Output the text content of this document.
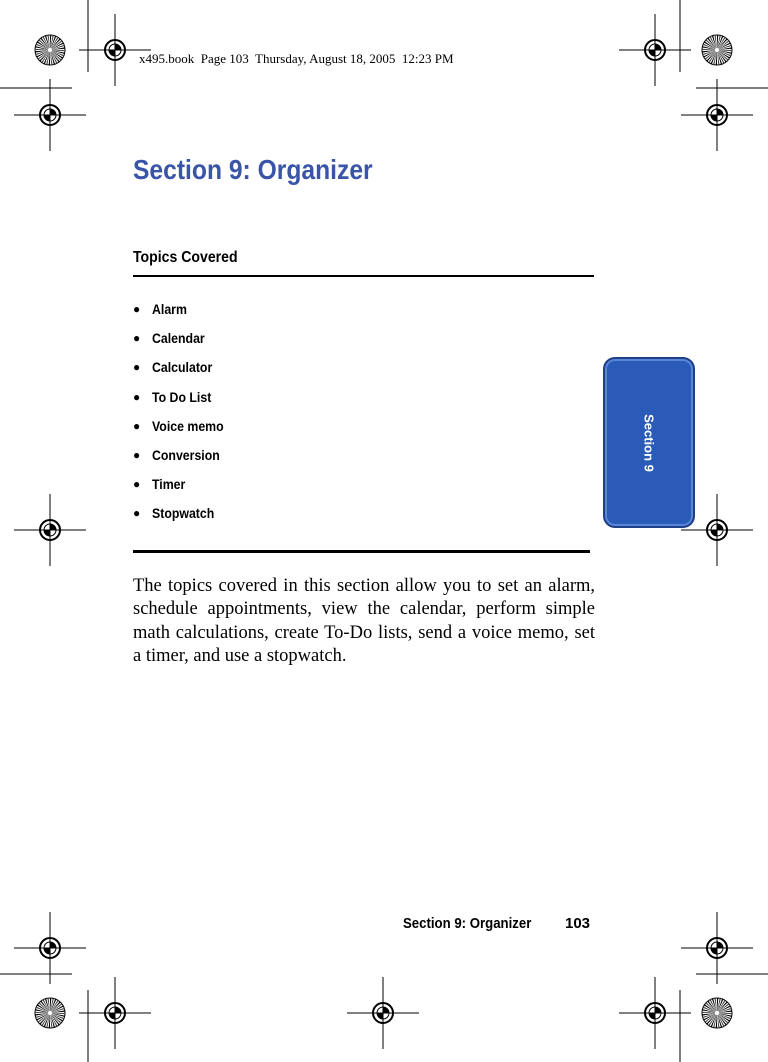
x495.book  Page 103  Thursday, August 18, 2005  12:23 PM
Section 9: Organizer
Topics Covered
● Alarm
● Calendar
● Calculator
● To Do List
● Voice memo
● Conversion
● Timer
● Stopwatch

The topics covered in this section allow you to set an alarm, schedule appointments, view the calendar, perform simple math calculations, create To-Do lists, send a voice memo, set a timer, and use a stopwatch.

Section 9
Section 9: Organizer 103
